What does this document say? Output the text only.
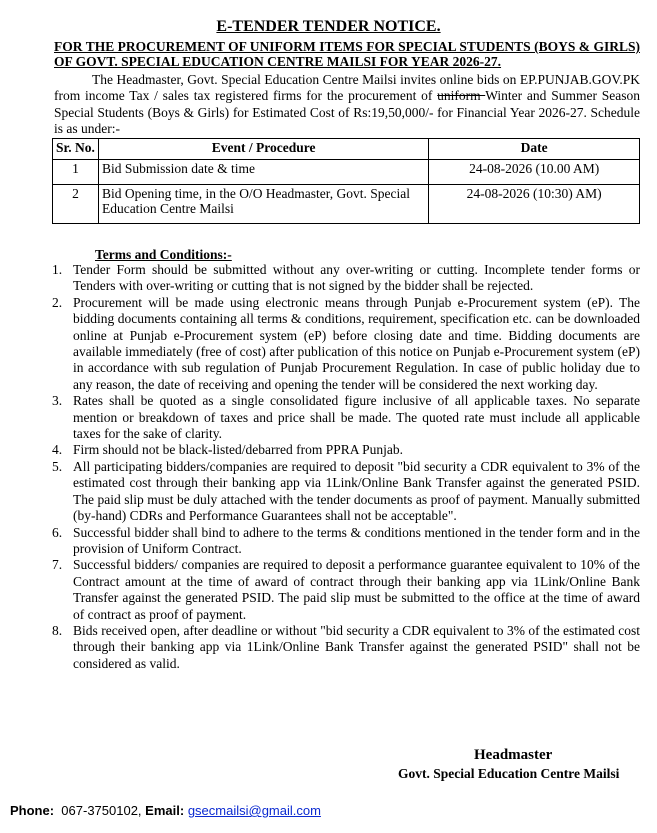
E-TENDER TENDER NOTICE.
FOR THE PROCUREMENT OF UNIFORM ITEMS FOR SPECIAL STUDENTS (BOYS & GIRLS) OF GOVT. SPECIAL EDUCATION CENTRE MAILSI FOR YEAR 2026-27.
The Headmaster, Govt. Special Education Centre Mailsi invites online bids on EP.PUNJAB.GOV.PK from income Tax / sales tax registered firms for the procurement of uniform Winter and Summer Season Special Students (Boys & Girls) for Estimated Cost of Rs:19,50,000/- for Financial Year 2026-27. Schedule is as under:-
Sr. No.	Event / Procedure	Date
1	Bid Submission date & time	24-08-2026 (10.00 AM)
2	Bid Opening time, in the O/O Headmaster, Govt. Special Education Centre Mailsi	24-08-2026 (10:30) AM)
Terms and Conditions:-
1. Tender Form should be submitted without any over-writing or cutting. Incomplete tender forms or Tenders with over-writing or cutting that is not signed by the bidder shall be rejected.
2. Procurement will be made using electronic means through Punjab e-Procurement system (eP). The bidding documents containing all terms & conditions, requirement, specification etc. can be downloaded online at Punjab e-Procurement system (eP) before closing date and time. Bidding documents are available immediately (free of cost) after publication of this notice on Punjab e-Procurement system (eP) in accordance with sub regulation of Punjab Procurement Regulation. In case of public holiday due to any reason, the date of receiving and opening the tender will be considered the next working day.
3. Rates shall be quoted as a single consolidated figure inclusive of all applicable taxes. No separate mention or breakdown of taxes and price shall be made. The quoted rate must include all applicable taxes for the sake of clarity.
4. Firm should not be black-listed/debarred from PPRA Punjab.
5. All participating bidders/companies are required to deposit "bid security a CDR equivalent to 3% of the estimated cost through their banking app via 1Link/Online Bank Transfer against the generated PSID. The paid slip must be duly attached with the tender documents as proof of payment. Manually submitted (by-hand) CDRs and Performance Guarantees shall not be acceptable".
6. Successful bidder shall bind to adhere to the terms & conditions mentioned in the tender form and in the provision of Uniform Contract.
7. Successful bidders/ companies are required to deposit a performance guarantee equivalent to 10% of the Contract amount at the time of award of contract through their banking app via 1Link/Online Bank Transfer against the generated PSID. The paid slip must be submitted to the office at the time of award of contract as proof of payment.
8. Bids received open, after deadline or without "bid security a CDR equivalent to 3% of the estimated cost through their banking app via 1Link/Online Bank Transfer against the generated PSID" shall not be considered as valid.
Headmaster
Govt. Special Education Centre Mailsi
Phone: 067-3750102, Email: gsecmailsi@gmail.com
